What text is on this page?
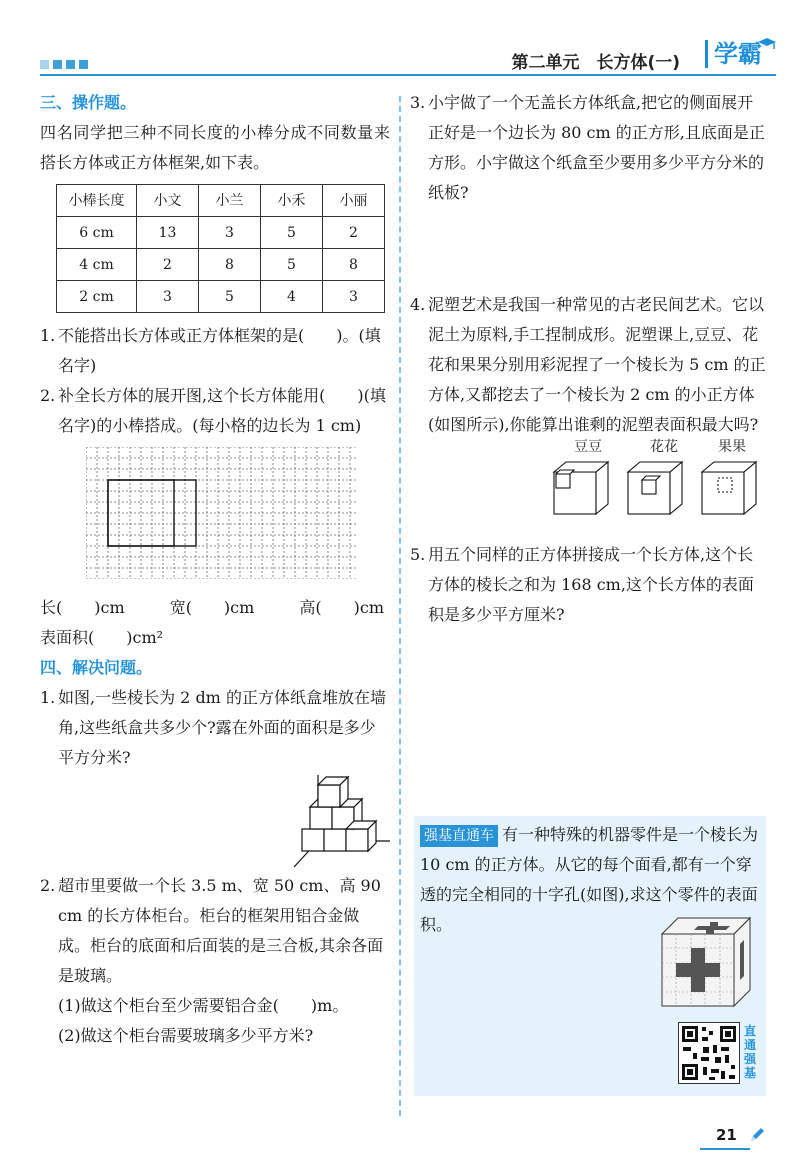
第二单元　长方体(一)	学霸
三、操作题。
四名同学把三种不同长度的小棒分成不同数量来搭长方体或正方体框架,如下表。
小棒长度	小文	小兰	小禾	小丽
6 cm	13	3	5	2
4 cm	2	8	5	8
2 cm	3	5	4	3
1. 不能搭出长方体或正方体框架的是(　　)。(填名字)
2. 补全长方体的展开图,这个长方体能用(　　)(填名字)的小棒搭成。(每小格的边长为 1 cm)
长(　　)cm	宽(　　)cm	高(　　)cm
表面积(　　)cm²
四、解决问题。
1. 如图,一些棱长为 2 dm 的正方体纸盒堆放在墙角,这些纸盒共多少个?露在外面的面积是多少平方分米?
2. 超市里要做一个长 3.5 m、宽 50 cm、高 90 cm 的长方体柜台。柜台的框架用铝合金做成。柜台的底面和后面装的是三合板,其余各面是玻璃。
(1)做这个柜台至少需要铝合金(　　)m。
(2)做这个柜台需要玻璃多少平方米?
3. 小宇做了一个无盖长方体纸盒,把它的侧面展开正好是一个边长为 80 cm 的正方形,且底面是正方形。小宇做这个纸盒至少要用多少平方分米的纸板?
4. 泥塑艺术是我国一种常见的古老民间艺术。它以泥土为原料,手工捏制成形。泥塑课上,豆豆、花花和果果分别用彩泥捏了一个棱长为 5 cm 的正方体,又都挖去了一个棱长为 2 cm 的小正方体(如图所示),你能算出谁剩的泥塑表面积最大吗?
豆豆	花花	果果
5. 用五个同样的正方体拼接成一个长方体,这个长方体的棱长之和为 168 cm,这个长方体的表面积是多少平方厘米?
强基直通车 有一种特殊的机器零件是一个棱长为 10 cm 的正方体。从它的每个面看,都有一个穿透的完全相同的十字孔(如图),求这个零件的表面积。
直通强基
21
